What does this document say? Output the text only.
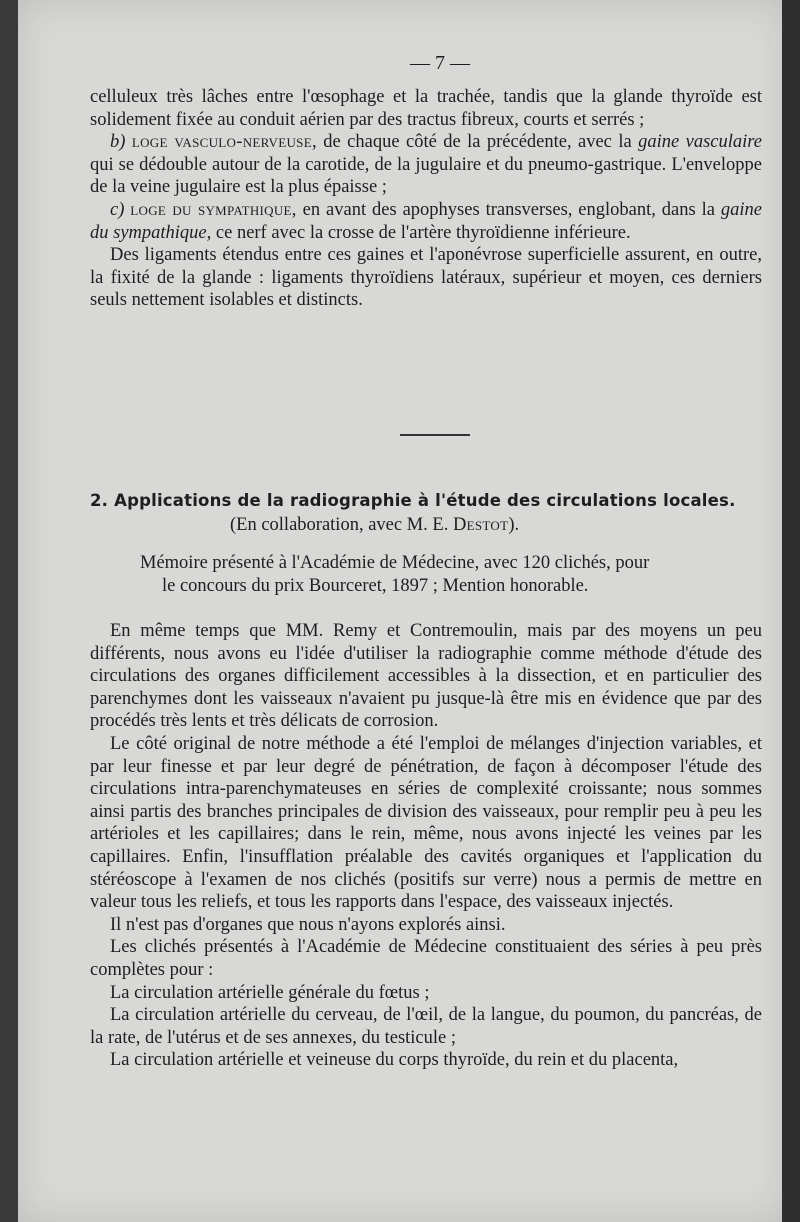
— 7 —

celluleux très lâches entre l'œsophage et la trachée, tandis que la glande thyroïde est solidement fixée au conduit aérien par des tractus fibreux, courts et serrés ;

b) loge vasculo-nerveuse, de chaque côté de la précédente, avec la gaine vasculaire qui se dédouble autour de la carotide, de la jugulaire et du pneumo-gastrique. L'enveloppe de la veine jugulaire est la plus épaisse ;

c) loge du sympathique, en avant des apophyses transverses, englobant, dans la gaine du sympathique, ce nerf avec la crosse de l'artère thyroïdienne inférieure.

Des ligaments étendus entre ces gaines et l'aponévrose superficielle assurent, en outre, la fixité de la glande : ligaments thyroïdiens latéraux, supérieur et moyen, ces derniers seuls nettement isolables et distincts.

2. Applications de la radiographie à l'étude des circulations locales.
(En collaboration, avec M. E. Destot).
Mémoire présenté à l'Académie de Médecine, avec 120 clichés, pour
le concours du prix Bourceret, 1897 ; Mention honorable.

En même temps que MM. Remy et Contremoulin, mais par des moyens un peu différents, nous avons eu l'idée d'utiliser la radiographie comme méthode d'étude des circulations des organes difficilement accessibles à la dissection, et en particulier des parenchymes dont les vaisseaux n'avaient pu jusque-là être mis en évidence que par des procédés très lents et très délicats de corrosion.

Le côté original de notre méthode a été l'emploi de mélanges d'injection variables, et par leur finesse et par leur degré de pénétration, de façon à décomposer l'étude des circulations intra-parenchymateuses en séries de complexité croissante; nous sommes ainsi partis des branches principales de division des vaisseaux, pour remplir peu à peu les artérioles et les capillaires; dans le rein, même, nous avons injecté les veines par les capillaires. Enfin, l'insufflation préalable des cavités organiques et l'application du stéréoscope à l'examen de nos clichés (positifs sur verre) nous a permis de mettre en valeur tous les reliefs, et tous les rapports dans l'espace, des vaisseaux injectés.

Il n'est pas d'organes que nous n'ayons explorés ainsi.

Les clichés présentés à l'Académie de Médecine constituaient des séries à peu près complètes pour :

La circulation artérielle générale du fœtus ;

La circulation artérielle du cerveau, de l'œil, de la langue, du poumon, du pancréas, de la rate, de l'utérus et de ses annexes, du testicule ;

La circulation artérielle et veineuse du corps thyroïde, du rein et du placenta,
